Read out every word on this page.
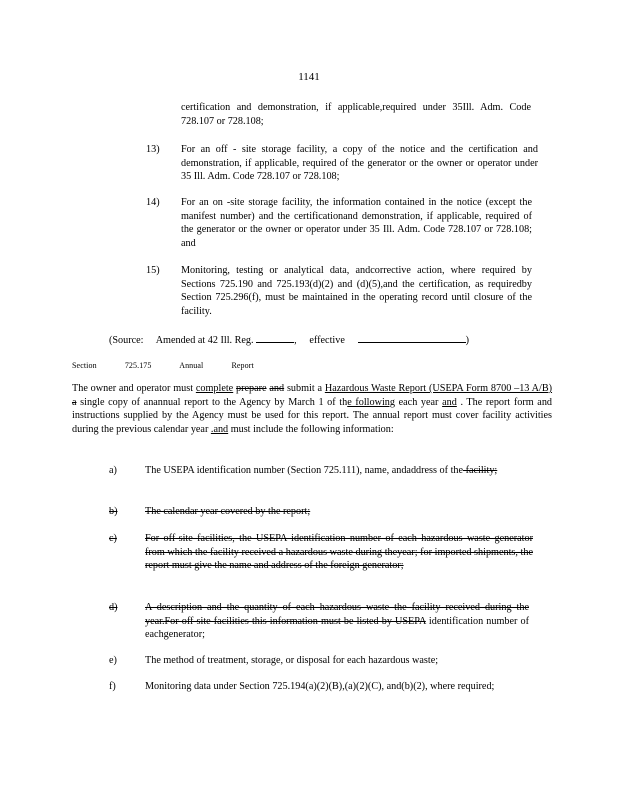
1141
certification and demonstration, if applicable,required under 35Ill. Adm. Code 728.107 or 728.108;
13) For an off - site storage facility, a copy of the notice and the certification and demonstration, if applicable, required of the generator or the owner or operator under 35 Ill. Adm. Code 728.107 or 728.108;
14) For an on -site storage facility, the information contained in the notice (except the manifest number) and the certificationand demonstration, if applicable, required of the generator or the owner or operator under 35 Ill. Adm. Code 728.107 or 728.108; and
15) Monitoring, testing or analytical data, andcorrective action, where required by Sections 725.190 and 725.193(d)(2) and (d)(5),and the certification, as requiredby Section 725.296(f), must be maintained in the operating record until closure of the facility.
(Source: Amended at 42 Ill. Reg.	, effective	)
Section	725.175	Annual	Report
The owner and operator must complete prepare and submit a Hazardous Waste Report (USEPA Form 8700 –13 A/B) a single copy of anannual report to the Agency by March 1 of the following each year and . The report form and instructions supplied by the Agency must be used for this report. The annual report must cover facility activities during the previous calendar year .and must include the following information:
a)	The USEPA identification number (Section 725.111), name, andaddress of the facility;
b)	The calendar year covered by the report;
c)	For off-site facilities, the USEPA identification number of each hazardous waste generator from which the facility received a hazardous waste during theyear; for imported shipments, the report must give the name and address of the foreign generator;
d)	A description and the quantity of each hazardous waste the facility received during the year.For off site facilities this information must be listed by USEPA identification number of eachgenerator;
e)	The method of treatment, storage, or disposal for each hazardous waste;
f)	Monitoring data under Section 725.194(a)(2)(B),(a)(2)(C), and(b)(2), where required;
